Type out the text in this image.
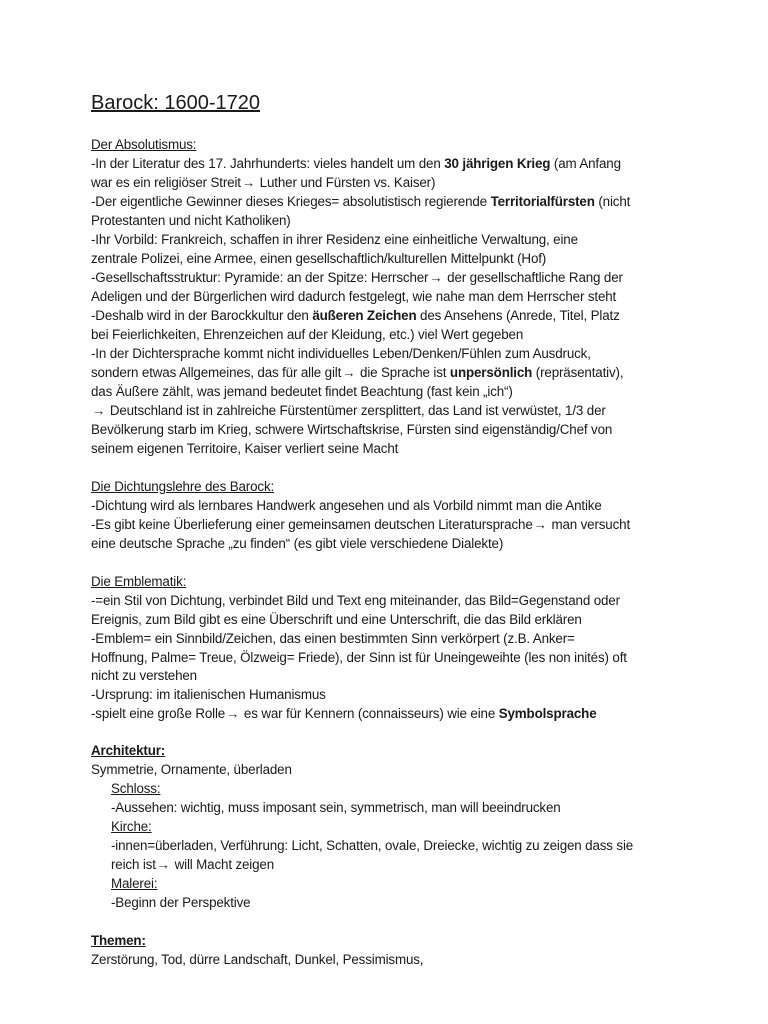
Barock: 1600-1720
Der Absolutismus:
-In der Literatur des 17. Jahrhunderts: vieles handelt um den 30 jährigen Krieg (am Anfang
war es ein religiöser Streit→ Luther und Fürsten vs. Kaiser)
-Der eigentliche Gewinner dieses Krieges= absolutistisch regierende Territorialfürsten (nicht
Protestanten und nicht Katholiken)
-Ihr Vorbild: Frankreich, schaffen in ihrer Residenz eine einheitliche Verwaltung, eine
zentrale Polizei, eine Armee, einen gesellschaftlich/kulturellen Mittelpunkt (Hof)
-Gesellschaftsstruktur: Pyramide: an der Spitze: Herrscher→ der gesellschaftliche Rang der
Adeligen und der Bürgerlichen wird dadurch festgelegt, wie nahe man dem Herrscher steht
-Deshalb wird in der Barockkultur den äußeren Zeichen des Ansehens (Anrede, Titel, Platz
bei Feierlichkeiten, Ehrenzeichen auf der Kleidung, etc.) viel Wert gegeben
-In der Dichtersprache kommt nicht individuelles Leben/Denken/Fühlen zum Ausdruck,
sondern etwas Allgemeines, das für alle gilt→ die Sprache ist unpersönlich (repräsentativ),
das Äußere zählt, was jemand bedeutet findet Beachtung (fast kein „ich“)
→ Deutschland ist in zahlreiche Fürstentümer zersplittert, das Land ist verwüstet, 1/3 der
Bevölkerung starb im Krieg, schwere Wirtschaftskrise, Fürsten sind eigenständig/Chef von
seinem eigenen Territoire, Kaiser verliert seine Macht
Die Dichtungslehre des Barock:
-Dichtung wird als lernbares Handwerk angesehen und als Vorbild nimmt man die Antike
-Es gibt keine Überlieferung einer gemeinsamen deutschen Literatursprache→ man versucht
eine deutsche Sprache „zu finden“ (es gibt viele verschiedene Dialekte)
Die Emblematik:
-=ein Stil von Dichtung, verbindet Bild und Text eng miteinander, das Bild=Gegenstand oder
Ereignis, zum Bild gibt es eine Überschrift und eine Unterschrift, die das Bild erklären
-Emblem= ein Sinnbild/Zeichen, das einen bestimmten Sinn verkörpert (z.B. Anker=
Hoffnung, Palme= Treue, Ölzweig= Friede), der Sinn ist für Uneingeweihte (les non inités) oft
nicht zu verstehen
-Ursprung: im italienischen Humanismus
-spielt eine große Rolle→ es war für Kennern (connaisseurs) wie eine Symbolsprache
Architektur:
Symmetrie, Ornamente, überladen
Schloss:
-Aussehen: wichtig, muss imposant sein, symmetrisch, man will beeindrucken
Kirche:
-innen=überladen, Verführung: Licht, Schatten, ovale, Dreiecke, wichtig zu zeigen dass sie
reich ist→ will Macht zeigen
Malerei:
-Beginn der Perspektive
Themen:
Zerstörung, Tod, dürre Landschaft, Dunkel, Pessimismus,
